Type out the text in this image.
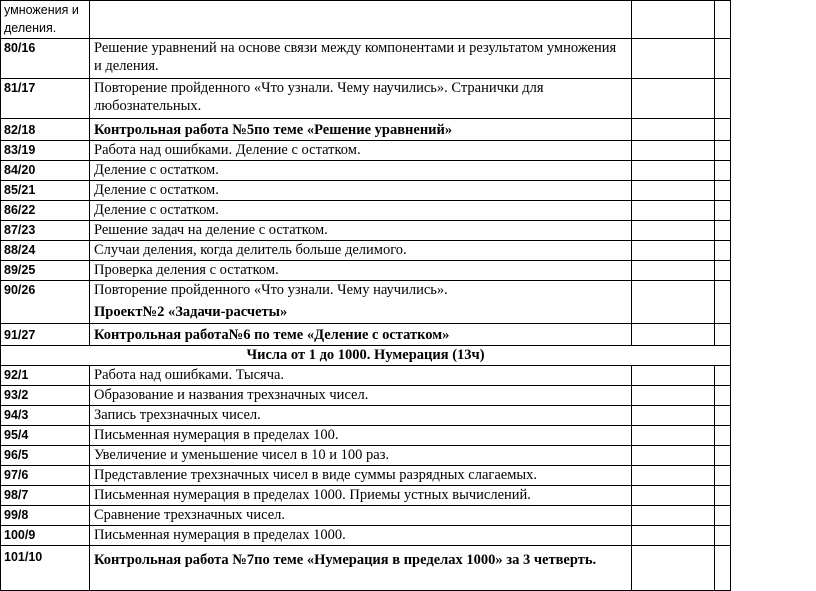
умножения и деления.			
80/16	Решение уравнений на основе связи между компонентами и результатом умножения и деления.		
81/17	Повторение пройденного «Что узнали. Чему научились». Странички для любознательных.		
82/18	Контрольная работа №5по теме «Решение уравнений»		
83/19	Работа над ошибками. Деление с остатком.		
84/20	Деление с остатком.		
85/21	Деление с остатком.		
86/22	Деление с остатком.		
87/23	Решение задач на деление с остатком.		
88/24	Случаи деления, когда делитель больше делимого.		
89/25	Проверка деления с остатком.		
90/26	Повторение пройденного «Что узнали. Чему научились».
Проект№2 «Задачи-расчеты»		

91/27	Контрольная работа№6 по теме «Деление с остатком»		
Числа от 1 до 1000. Нумерация (13ч)			
92/1	Работа над ошибками. Тысяча.		
93/2	Образование и названия трехзначных чисел.		
94/3	Запись трехзначных чисел.		
95/4	Письменная нумерация в пределах 100.		
96/5	Увеличение и уменьшение чисел в 10 и 100 раз.		
97/6	Представление трехзначных чисел в виде суммы разрядных слагаемых.		
98/7	Письменная нумерация в пределах 1000. Приемы устных вычислений.		
99/8	Сравнение трехзначных чисел.		
100/9	Письменная нумерация в пределах 1000.		
101/10	Контрольная работа №7по теме «Нумерация в пределах 1000» за 3 четверть.		
